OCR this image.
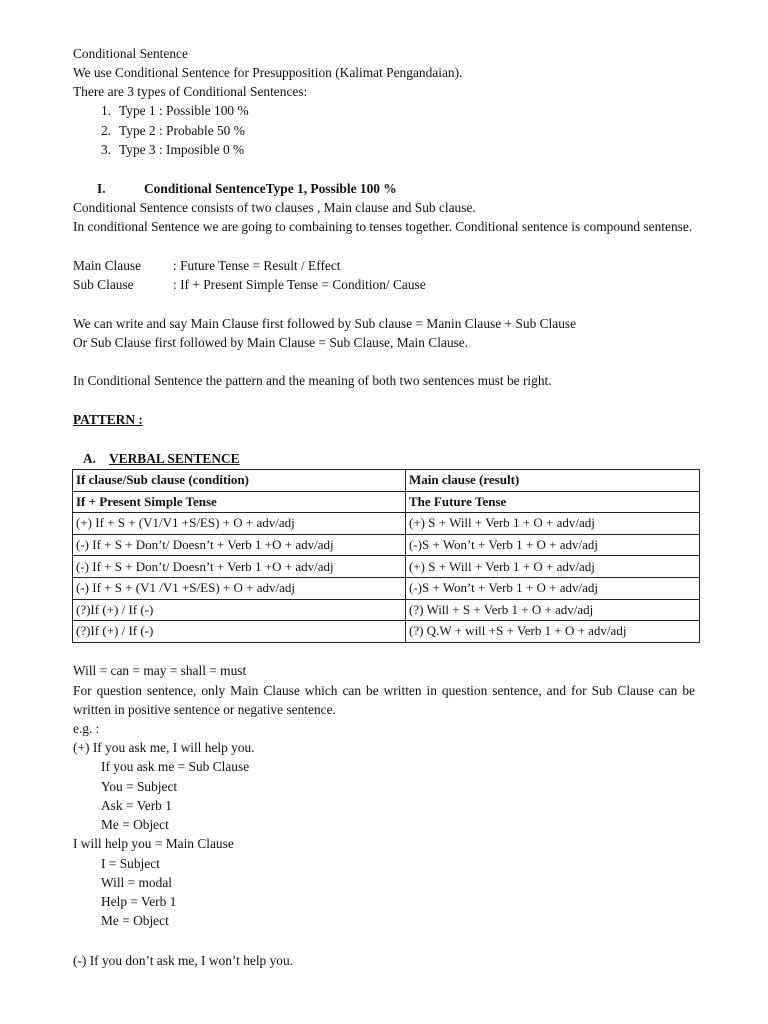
Conditional Sentence
We use Conditional Sentence for Presupposition (Kalimat Pengandaian).
There are 3 types of Conditional Sentences:
1. Type 1 : Possible 100 %
2. Type 2 : Probable 50 %
3. Type 3 : Imposible 0 %
I.	Conditional SentenceType 1, Possible 100 %
Conditional Sentence consists of two clauses , Main clause and Sub clause.
In conditional Sentence we are going to combaining to tenses together. Conditional sentence is compound sentense.
Main Clause : Future Tense = Result / Effect
Sub Clause	: If + Present Simple Tense = Condition/ Cause
We can write and say Main Clause first followed by Sub clause = Manin Clause + Sub Clause
Or Sub Clause first followed by Main Clause = Sub Clause, Main Clause.
In Conditional Sentence the pattern and the meaning of both two sentences must be right.
PATTERN :
A. VERBAL SENTENCE
If clause/Sub clause (condition)	Main clause (result)
If + Present Simple Tense	The Future Tense
(+) If + S + (V1/V1 +S/ES) + O + adv/adj	(+) S + Will + Verb 1 + O + adv/adj
(-) If + S + Don’t/ Doesn’t + Verb 1 +O + adv/adj	(-)S + Won’t + Verb 1 + O + adv/adj
(-) If + S + Don’t/ Doesn’t + Verb 1 +O + adv/adj	(+) S + Will + Verb 1 + O + adv/adj
(-) If + S + (V1 /V1 +S/ES) + O + adv/adj	(-)S + Won’t + Verb 1 + O + adv/adj
(?)If (+) / If (-)	(?) Will + S + Verb 1 + O + adv/adj
(?)If (+) / If (-)	(?) Q.W + will +S + Verb 1 + O + adv/adj
Will = can = may = shall = must
For question sentence, only Main Clause which can be written in question sentence, and for Sub Clause can be written in positive sentence or negative sentence.
e.g. :
(+) If you ask me, I will help you.
If you ask me = Sub Clause
You = Subject
Ask = Verb 1
Me = Object
I will help you = Main Clause
I = Subject
Will = modal
Help = Verb 1
Me = Object
(-) If you don’t ask me, I won’t help you.
